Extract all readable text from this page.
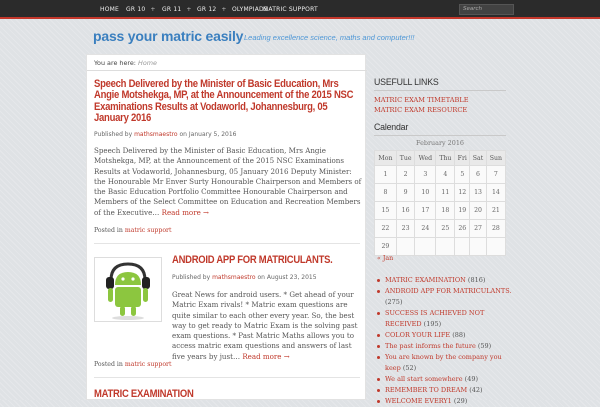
HOME GR 10 + GR 11 + GR 12 + OLYMPIADS
MATRIC SUPPORT	Search
pass your matric easily Leading excellence science, maths and computer!!!
You are here: Home
Speech Delivered by the Minister of Basic Education, Mrs Angie Motshekga, MP, at the Announcement of the 2015 NSC Examinations Results at Vodaworld, Johannesburg, 05 January 2016
Published by mathsmaestro on January 5, 2016
Speech Delivered by the Minister of Basic Education, Mrs Angie Motshekga, MP, at the Announcement of the 2015 NSC Examinations Results at Vodaworld, Johannesburg, 05 January 2016 Deputy Minister: the Honourable Mr Enver Surty Honourable Chairperson and Members of the Basic Education Portfolio Committee Honourable Chairperson and Members of the Select Committee on Education and Recreation Members of the Executive… Read more →
Posted in matric support
ANDROID APP FOR MATRICULANTS.
Published by mathsmaestro on August 23, 2015
Great News for android users. * Get ahead of your Matric Exam rivals! * Matric exam questions are quite similar to each other every year. So, the best way to get ready to Matric Exam is the solving past exam questions. * Past Matric Maths allows you to access matric exam questions and answers of last five years by just… Read more →
Posted in matric support
MATRIC EXAMINATION
USEFULL LINKS
MATRIC EXAM TIMETABLE
MATRIC EXAM RESOURCE
Calendar
February 2016
Mon	Tue	Wed	Thu	Fri	Sat	Sun
1	2	3	4	5	6	7
8	9	10	11	12	13	14
15	16	17	18	19	20	21
22	23	24	25	26	27	28
29						
« Jan
MATRIC EXAMINATION (816)
ANDROID APP FOR MATRICULANTS. (275)
SUCCESS IS ACHIEVED NOT RECEIVED (195)
COLOR YOUR LIFE (88)
The past informs the future (59)
You are known by the company you keep (52)
We all start somewhere (49)
REMEMBER TO DREAM (42)
WELCOME EVERY1 (29)
